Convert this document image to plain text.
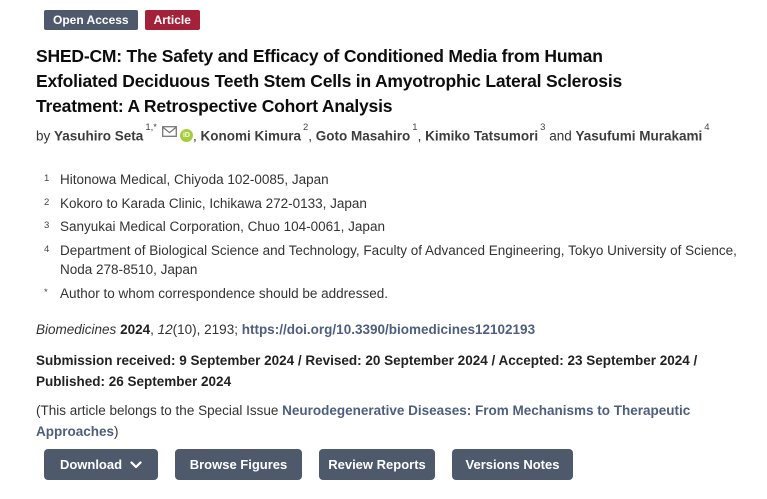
Open Access	Article
SHED-CM: The Safety and Efficacy of Conditioned Media from Human
Exfoliated Deciduous Teeth Stem Cells in Amyotrophic Lateral Sclerosis
Treatment: A Retrospective Cohort Analysis
by Yasuhiro Seta$^{1,*}$iD , Konomi Kimura$^2$, Goto Masahiro$^1$, Kimiko Tatsumori$^3$ and Yasufumi Murakami$^4$
1 Hitonowa Medical, Chiyoda 102-0085, Japan
2 Kokoro to Karada Clinic, Ichikawa 272-0133, Japan
3 Sanyukai Medical Corporation, Chuo 104-0061, Japan
4 Department of Biological Science and Technology, Faculty of Advanced Engineering, Tokyo University of Science, Noda 278-8510, Japan
* Author to whom correspondence should be addressed.

Biomedicines 2024, 12(10), 2193; https://doi.org/10.3390/biomedicines12102193

Submission received: 9 September 2024 / Revised: 20 September 2024 / Accepted: 23 September 2024 / Published: 26 September 2024

(This article belongs to the Special Issue Neurodegenerative Diseases: From Mechanisms to Therapeutic Approaches)

Download	Browse Figures	Review Reports	Versions Notes
